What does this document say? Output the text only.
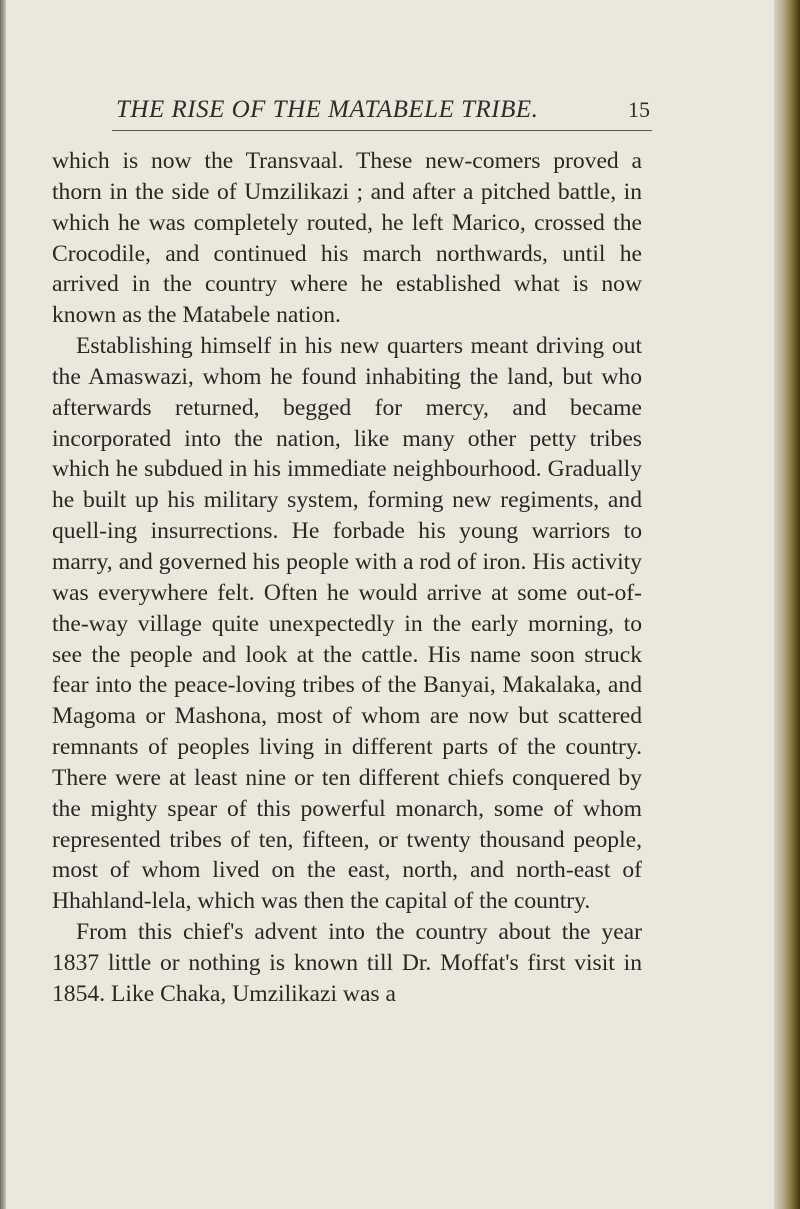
THE RISE OF THE MATABELE TRIBE.	15

which is now the Transvaal. These new-comers proved a thorn in the side of Umzilikazi ; and after a pitched battle, in which he was completely routed, he left Marico, crossed the Crocodile, and continued his march northwards, until he arrived in the country where he established what is now known as the Matabele nation.

Establishing himself in his new quarters meant driving out the Amaswazi, whom he found inhabiting the land, but who afterwards returned, begged for mercy, and became incorporated into the nation, like many other petty tribes which he subdued in his immediate neighbourhood. Gradually he built up his military system, forming new regiments, and quell-ing insurrections. He forbade his young warriors to marry, and governed his people with a rod of iron. His activity was everywhere felt. Often he would arrive at some out-of-the-way village quite unexpectedly in the early morning, to see the people and look at the cattle. His name soon struck fear into the peace-loving tribes of the Banyai, Makalaka, and Magoma or Mashona, most of whom are now but scattered remnants of peoples living in different parts of the country. There were at least nine or ten different chiefs conquered by the mighty spear of this powerful monarch, some of whom represented tribes of ten, fifteen, or twenty thousand people, most of whom lived on the east, north, and north-east of Hhahland-lela, which was then the capital of the country.

From this chief's advent into the country about the year 1837 little or nothing is known till Dr. Moffat's first visit in 1854. Like Chaka, Umzilikazi was a
